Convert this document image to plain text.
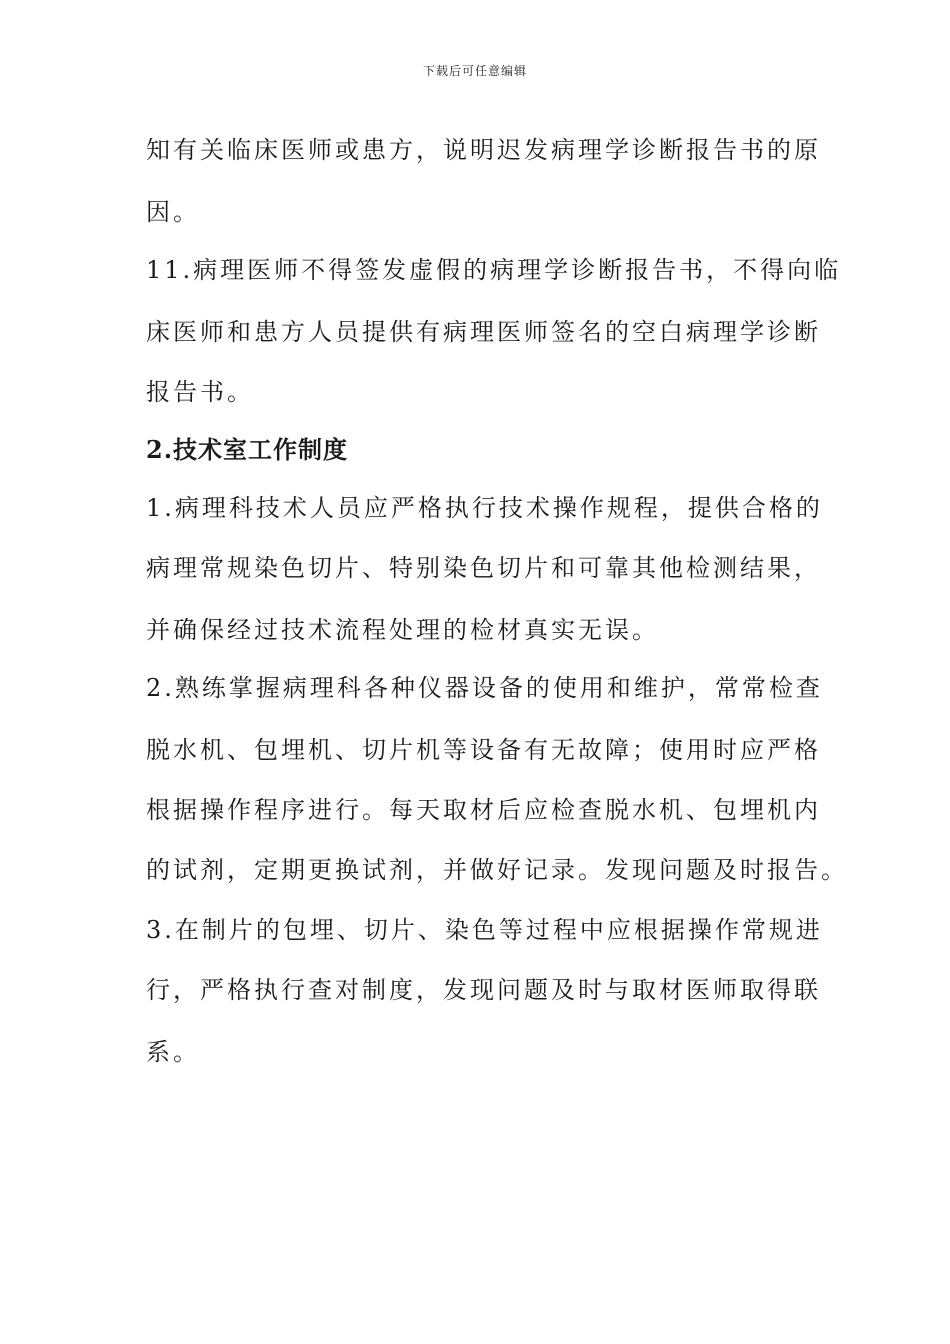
下载后可任意编辑
知有关临床医师或患方，说明迟发病理学诊断报告书的原
因。
11.病理医师不得签发虚假的病理学诊断报告书，不得向临
床医师和患方人员提供有病理医师签名的空白病理学诊断
报告书。
2.技术室工作制度
1.病理科技术人员应严格执行技术操作规程，提供合格的
病理常规染色切片、特别染色切片和可靠其他检测结果，
并确保经过技术流程处理的检材真实无误。
2.熟练掌握病理科各种仪器设备的使用和维护，常常检查
脱水机、包埋机、切片机等设备有无故障；使用时应严格
根据操作程序进行。每天取材后应检查脱水机、包埋机内
的试剂，定期更换试剂，并做好记录。发现问题及时报告。
3.在制片的包埋、切片、染色等过程中应根据操作常规进
行，严格执行查对制度，发现问题及时与取材医师取得联
系。
